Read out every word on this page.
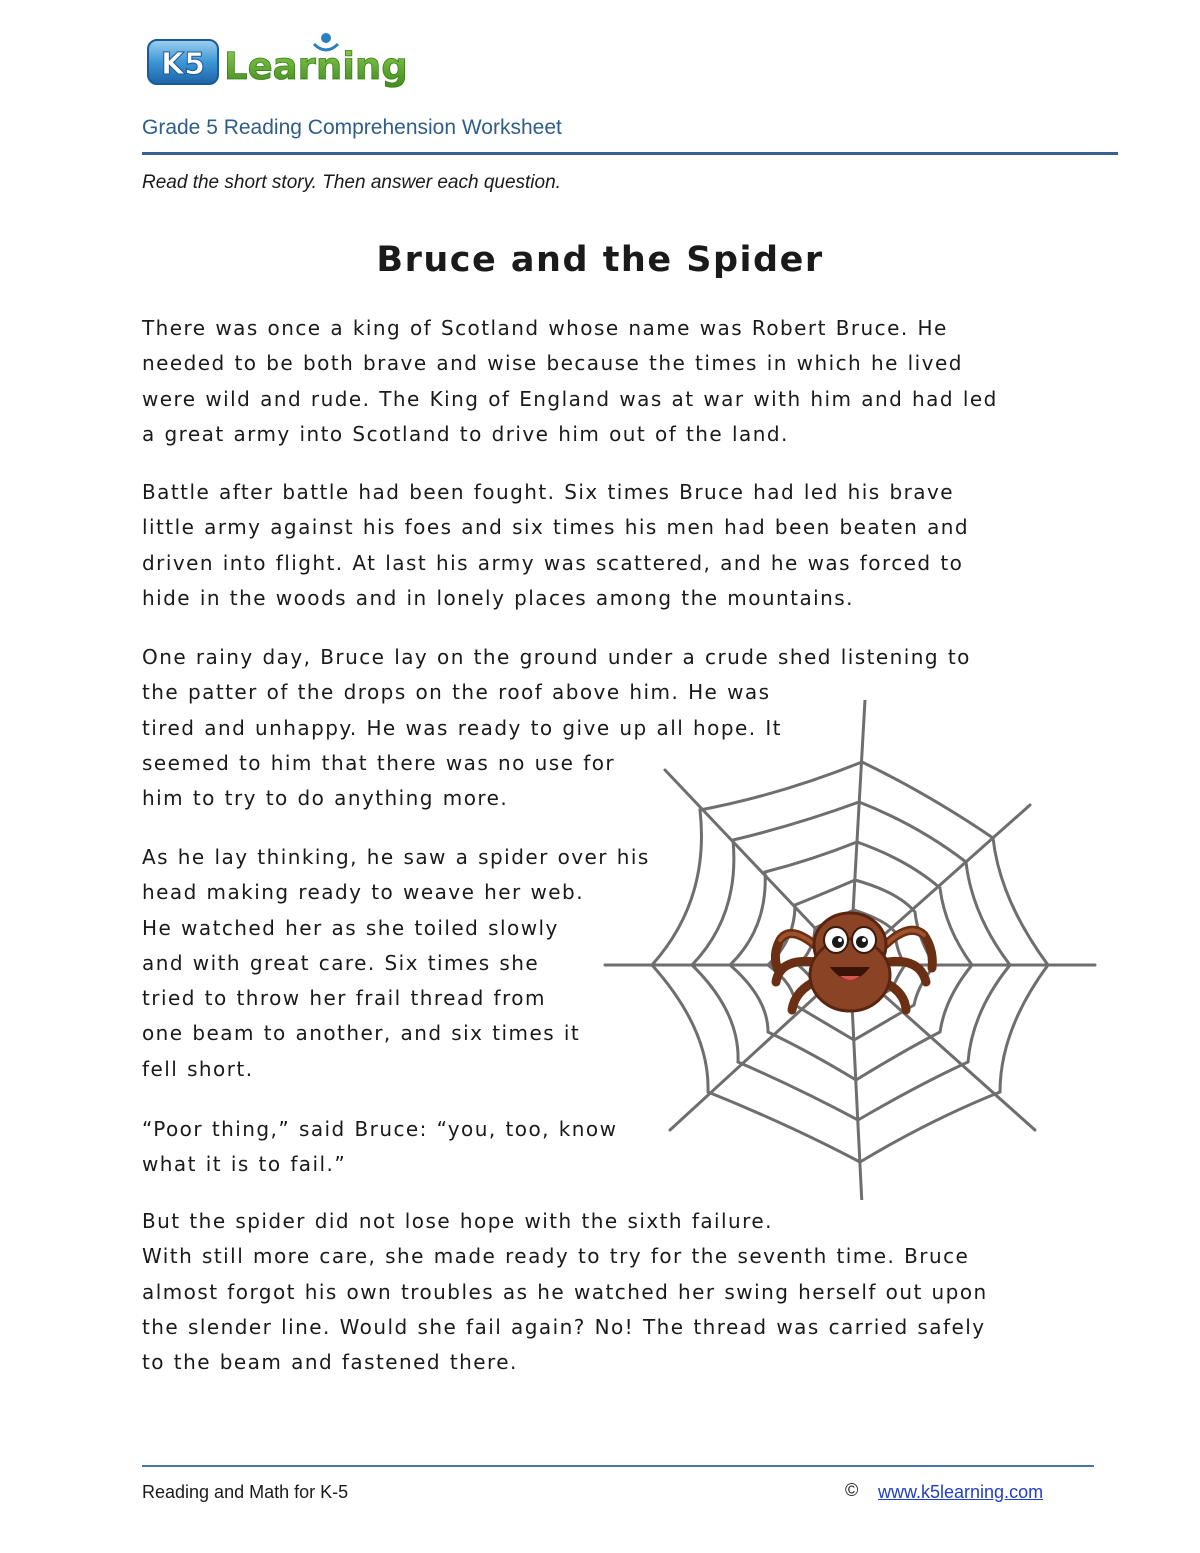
K5 Learning
Grade 5 Reading Comprehension Worksheet
Read the short story. Then answer each question.
Bruce and the Spider
There was once a king of Scotland whose name was Robert Bruce. He
needed to be both brave and wise because the times in which he lived
were wild and rude. The King of England was at war with him and had led
a great army into Scotland to drive him out of the land.
Battle after battle had been fought. Six times Bruce had led his brave
little army against his foes and six times his men had been beaten and
driven into flight. At last his army was scattered, and he was forced to
hide in the woods and in lonely places among the mountains.
One rainy day, Bruce lay on the ground under a crude shed listening to
the patter of the drops on the roof above him. He was
tired and unhappy. He was ready to give up all hope. It
seemed to him that there was no use for
him to try to do anything more.
As he lay thinking, he saw a spider over his
head making ready to weave her web.
He watched her as she toiled slowly
and with great care. Six times she
tried to throw her frail thread from
one beam to another, and six times it
fell short.
“Poor thing,” said Bruce: “you, too, know
what it is to fail.”
But the spider did not lose hope with the sixth failure.
With still more care, she made ready to try for the seventh time. Bruce
almost forgot his own troubles as he watched her swing herself out upon
the slender line. Would she fail again? No! The thread was carried safely
to the beam and fastened there.
Reading and Math for K-5	© www.k5learning.com
